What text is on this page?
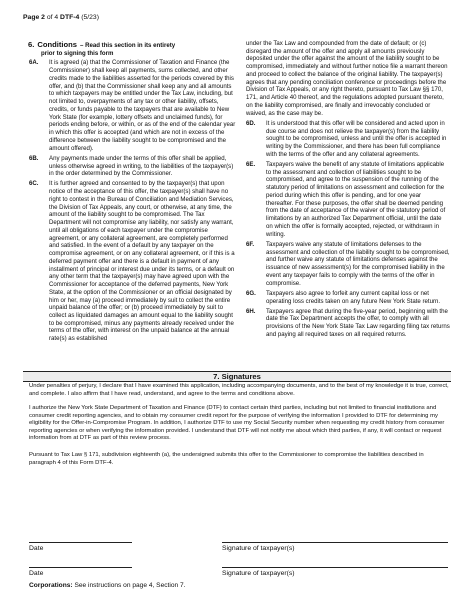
Page 2 of 4 DTF-4 (5/23)
6. Conditions – Read this section in its entirety
prior to signing this form
6A.	It is agreed (a) that the Commissioner of Taxation and Finance (the Commissioner) shall keep all payments, sums collected, and other credits made to the liabilities asserted for the periods covered by this offer, and (b) that the Commissioner shall keep any and all amounts to which taxpayers may be entitled under the Tax Law, including, but not limited to, overpayments of any tax or other liability, offsets, credits, or funds payable to the taxpayers that are available to New York State (for example, lottery offsets and unclaimed funds), for periods ending before, or within, or as of the end of the calendar year in which this offer is accepted (and which are not in excess of the difference between the liability sought to be compromised and the amount offered).
6B.	Any payments made under the terms of this offer shall be applied, unless otherwise agreed in writing, to the liabilities of the taxpayer(s) in the order determined by the Commissioner.
6C.	It is further agreed and consented to by the taxpayer(s) that upon notice of the acceptance of this offer, the taxpayer(s) shall have no right to contest in the Bureau of Conciliation and Mediation Services, the Division of Tax Appeals, any court, or otherwise, at any time, the amount of the liability sought to be compromised. The Tax Department will not compromise any liability, nor satisfy any warrant, until all obligations of each taxpayer under the compromise agreement, or any collateral agreement, are completely performed and satisfied. In the event of a default by any taxpayer on the compromise agreement, or on any collateral agreement, or if this is a deferred payment offer and there is a default in payment of any installment of principal or interest due under its terms, or a default on any other term that the taxpayer(s) may have agreed upon with the Commissioner for acceptance of the deferred payments, New York State, at the option of the Commissioner or an official designated by him or her, may (a) proceed immediately by suit to collect the entire unpaid balance of the offer; or (b) proceed immediately by suit to collect as liquidated damages an amount equal to the liability sought to be compromised, minus any payments already received under the terms of the offer, with interest on the unpaid balance at the annual rate(s) as established
under the Tax Law and compounded from the date of default; or (c) disregard the amount of the offer and apply all amounts previously deposited under the offer against the amount of the liability sought to be compromised, immediately and without further notice file a warrant thereon and proceed to collect the balance of the original liability. The taxpayer(s) agrees that any pending conciliation conference or proceedings before the Division of Tax Appeals, or any right thereto, pursuant to Tax Law §§ 170, 171, and Article 40 thereof, and the regulations adopted pursuant thereto, on the liability compromised, are finally and irrevocably concluded or waived, as the case may be.
6D.	It is understood that this offer will be considered and acted upon in due course and does not relieve the taxpayer(s) from the liability sought to be compromised, unless and until the offer is accepted in writing by the Commissioner, and there has been full compliance with the terms of the offer and any collateral agreements.
6E.	Taxpayers waive the benefit of any statute of limitations applicable to the assessment and collection of liabilities sought to be compromised, and agree to the suspension of the running of the statutory period of limitations on assessment and collection for the period during which this offer is pending, and for one year thereafter. For these purposes, the offer shall be deemed pending from the date of acceptance of the waiver of the statutory period of limitations by an authorized Tax Department official, until the date on which the offer is formally accepted, rejected, or withdrawn in writing.
6F.	Taxpayers waive any statute of limitations defenses to the assessment and collection of the liability sought to be compromised, and further waive any statute of limitations defenses against the issuance of new assessment(s) for the compromised liability in the event any taxpayer fails to comply with the terms of the offer in compromise.
6G.	Taxpayers also agree to forfeit any current capital loss or net operating loss credits taken on any future New York State return.
6H.	Taxpayers agree that during the five-year period, beginning with the date the Tax Department accepts the offer, to comply with all provisions of the New York State Tax Law regarding filing tax returns and paying all required taxes on all required returns.
7. Signatures
Under penalties of perjury, I declare that I have examined this application, including accompanying documents, and to the best of my knowledge it is true, correct, and complete. I also affirm that I have read, understand, and agree to the terms and conditions above.
I authorize the New York State Department of Taxation and Finance (DTF) to contact certain third parties, including but not limited to financial institutions and consumer credit reporting agencies, and to obtain my consumer credit report for the purpose of verifying the information I provided to DTF for determining my eligibility for the Offer-in-Compromise Program. In addition, I authorize DTF to use my Social Security number when requesting my credit history from consumer reporting agencies or when verifying the information provided. I understand that DTF will not notify me about which third parties, if any, it will contact or request information from at DTF as part of this review process.
Pursuant to Tax Law § 171, subdivision eighteenth (a), the undersigned submits this offer to the Commissioner to compromise the liabilities described in paragraph 4 of this Form DTF-4.
Date	Signature of taxpayer(s)
Date	Signature of taxpayer(s)
Corporations: See instructions on page 4, Section 7.
